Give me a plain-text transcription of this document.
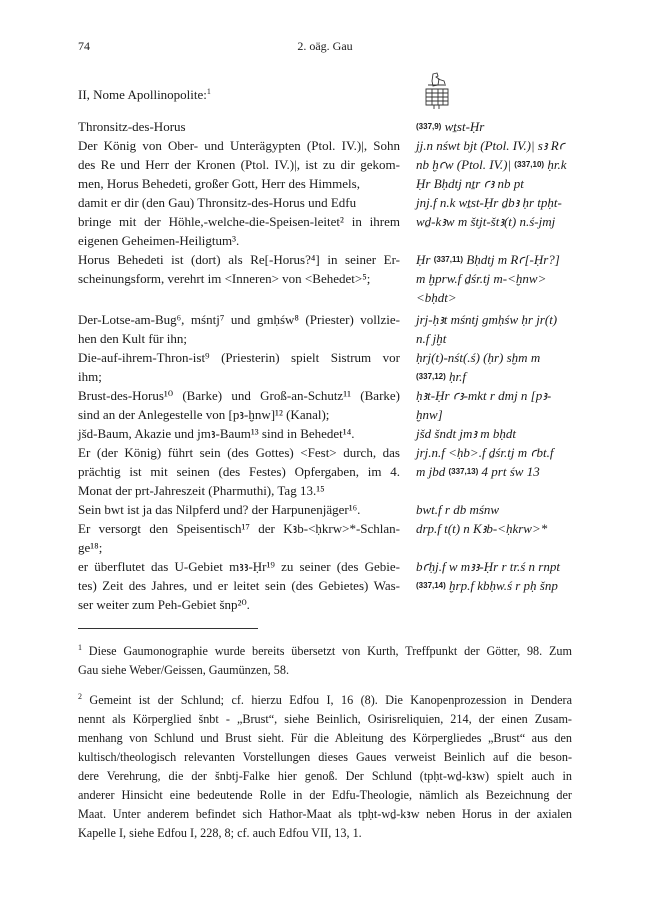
74	2. oäg. Gau
II, Nome Apollinopolite:$^1$
Thronsitz-des-Horus
Der König von Ober- und Unterägypten (Ptol. IV.)|, Sohn
des Re und Herr der Kronen (Ptol. IV.)|, ist zu dir gekom-
men, Horus Behedeti, großer Gott, Herr des Himmels,
damit er dir (den Gau) Thronsitz-des-Horus und Edfu
bringe mit der Höhle,-welche-die-Speisen-leitet² in ihrem
eigenen Geheimen-Heiligtum³.
Horus Behedeti ist (dort) als Re[-Horus?⁴] in seiner Er-
scheinungsform, verehrt im <Inneren> von <Behedet>⁵;
Der-Lotse-am-Bug⁶, mśntj⁷ und gmḥśw⁸ (Priester) vollzie-
hen den Kult für ihn;
Die-auf-ihrem-Thron-ist⁹ (Priesterin) spielt Sistrum vor
ihm;
Brust-des-Horus¹⁰ (Barke) und Groß-an-Schutz¹¹ (Barke)
sind an der Anlegestelle von [pꜣ-ḫnw]¹² (Kanal);
jšd-Baum, Akazie und jmꜣ-Baum¹³ sind in Behedet¹⁴.
Er (der König) führt sein (des Gottes) <Fest> durch, das
prächtig ist mit seinen (des Festes) Opfergaben, im 4.
Monat der prt-Jahreszeit (Pharmuthi), Tag 13.¹⁵
Sein bwt ist ja das Nilpferd und? der Harpunenjäger¹⁶.
Er versorgt den Speisentisch¹⁷ der Kꜣb-<ḥkrw>*-Schlan-
ge¹⁸;
er überflutet das U-Gebiet mꜣꜣ-Ḥr¹⁹ zu seiner (des Gebie-
tes) Zeit des Jahres, und er leitet sein (des Gebietes) Was-
ser weiter zum Peh-Gebiet šnp²⁰.
(337,9) wṯst-Ḥr
jj.n nśwt bjt (Ptol. IV.)| sꜣ Rꜥ
nb ḫꜥw (Ptol. IV.)| (337,10) ḥr.k
Ḥr Bḥdtj nṯr ꜥꜣ nb pt
jnj.f n.k wṯst-Ḥr ḏbꜣ ḥr tpḥt-
wḏ-kꜣw m štjt-štꜣ(t) n.ś-jmj
Ḥr (337,11) Bḥdtj m Rꜥ[-Ḥr?]
m ḫprw.f ḏśr.tj m-<ḫnw>
<bḥdt>
jrj-ḥꜣt mśntj gmḥśw ḥr jr(t)
n.f jḫt
ḥrj(t)-nśt(.ś) (ḥr) sḫm m
(337,12) ḥr.f
ḥꜣt-Ḥr ꜥꜣ-mkt r dmj n [pꜣ-
ḫnw]
jšd šndt jmꜣ m bḥdt
jrj.n.f <ḥb>.f ḏśr.tj m ꜥbt.f
m jbd (337,13) 4 prt św 13
bwt.f r db mśnw
drp.f t(t) n Kꜣb-<ḥkrw>*
bꜥḥj.f w mꜣꜣ-Ḥr r tr.ś n rnpt
(337,14) ḫrp.f kbḥw.ś r pḥ šnp
$^1$ Diese Gaumonographie wurde bereits übersetzt von Kurth, Treffpunkt der Götter, 98. Zum
Gau siehe Weber/Geissen, Gaumünzen, 58.
$^2$ Gemeint ist der Schlund; cf. hierzu Edfou I, 16 (8). Die Kanopenprozession in Dendera
nennt als Körperglied šnbt - „Brust“, siehe Beinlich, Osirisreliquien, 214, der einen Zusam-
menhang von Schlund und Brust sieht. Für die Ableitung des Körpergliedes „Brust“ aus den
kultisch/theologisch relevanten Vorstellungen dieses Gaues verweist Beinlich auf die beson-
dere Verehrung, die der šnbtj-Falke hier genoß. Der Schlund (tpḥt-wḏ-kꜣw) spielt auch in
anderer Hinsicht eine bedeutende Rolle in der Edfu-Theologie, nämlich als Bezeichnung der
Maat. Unter anderem befindet sich Hathor-Maat als tpḥt-wḏ-kꜣw neben Horus in der axialen
Kapelle I, siehe Edfou I, 228, 8; cf. auch Edfou VII, 13, 1.
